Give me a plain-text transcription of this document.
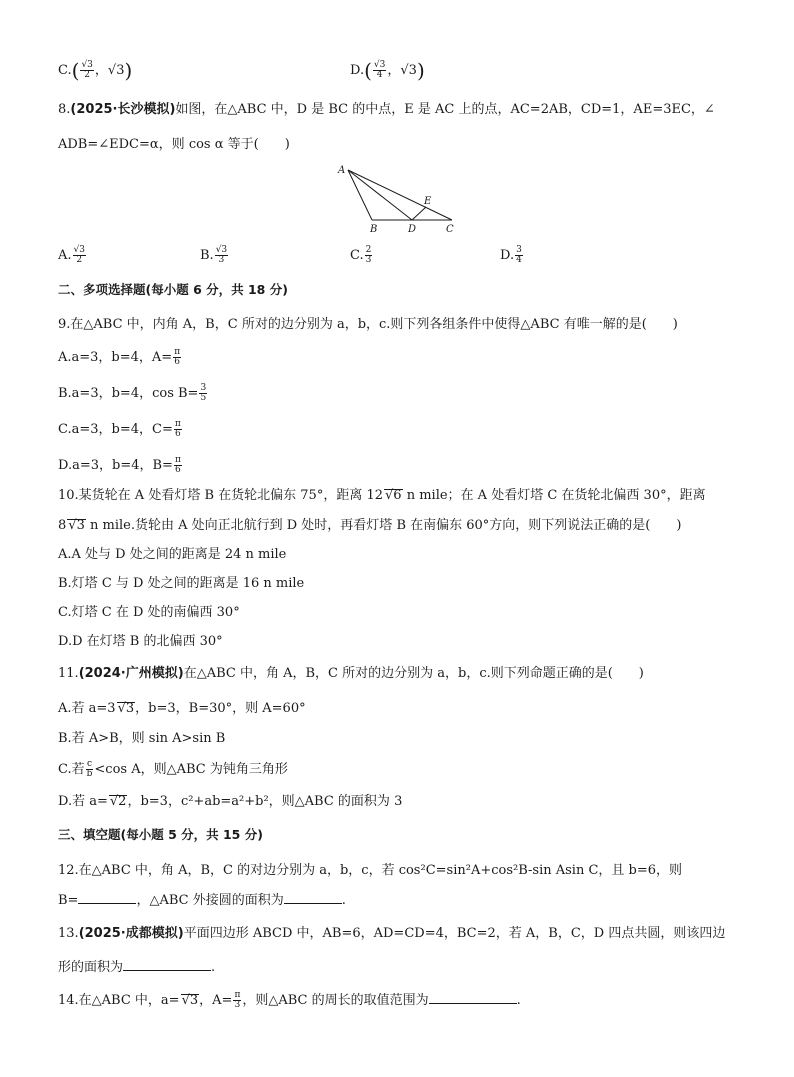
$C.( \frac{√3}{2}$ ，√3)	$D.( \frac{√3}{4}$ ，√3)
8.(2025·长沙模拟)如图，在△ABC 中，D 是 BC 的中点，E 是 AC 上的点，AC=2AB，CD=1，AE=3EC，∠
ADB=∠EDC=α，则 cos α 等于(　　)
A
B	D
E
C
A. $\frac{√3}{2}$	B. $\frac{√3}{3}$	C. $\frac{2}{3}$	D. $\frac{3}{4}$
二、多项选择题(每小题 6 分，共 18 分)
9.在△ABC 中，内角 A，B，C 所对的边分别为 a，b，c.则下列各组条件中使得△ABC 有唯一解的是(　　)
A.a=3，b=4，$A= \frac{\pi}{6}$
B.a=3，b=4，$\cos B= \frac{3}{5}$
C.a=3，b=4，$C= \frac{\pi}{6}$
D.a=3，b=4，$B= \frac{\pi}{6}$
10.某货轮在 A 处看灯塔 B 在货轮北偏东 75°，距离 12 √6 n mile；在 A 处看灯塔 C 在货轮北偏西 30°，距离
8 √3 n mile.货轮由 A 处向正北航行到 D 处时，再看灯塔 B 在南偏东 60°方向，则下列说法正确的是(　　)
A.A 处与 D 处之间的距离是 24 n mile
B.灯塔 C 与 D 处之间的距离是 16 n mile
C.灯塔 C 在 D 处的南偏西 30°
D.D 在灯塔 B 的北偏西 30°
11.(2024·广州模拟)在△ABC 中，角 A，B，C 所对的边分别为 a，b，c.则下列命题正确的是(　　)
A.若 a=3 √3，b=3，B=30°，则 A=60°
B.若 A>B，则 sin A>sin B
C.若 $\frac{c}{b} <\cos$ A，则△ABC 为钝角三角形
D.若 a= √2，b=3，c²+ab=a²+b²，则△ABC 的面积为 3
三、填空题(每小题 5 分，共 15 分)
12.在△ABC 中，角 A，B，C 的对边分别为 a，b，c，若 cos²C=sin²A+cos²B-sin Asin C，且 b=6，则
B=	，△ABC 外接圆的面积为	.
13.(2025·成都模拟)平面四边形 ABCD 中，AB=6，AD=CD=4，BC=2，若 A，B，C，D 四点共圆，则该四边
形的面积为	.
14.在△ABC 中，a= √3，$A= \frac{\pi}{3}$ ，则△ABC 的周长的取值范围为	.
